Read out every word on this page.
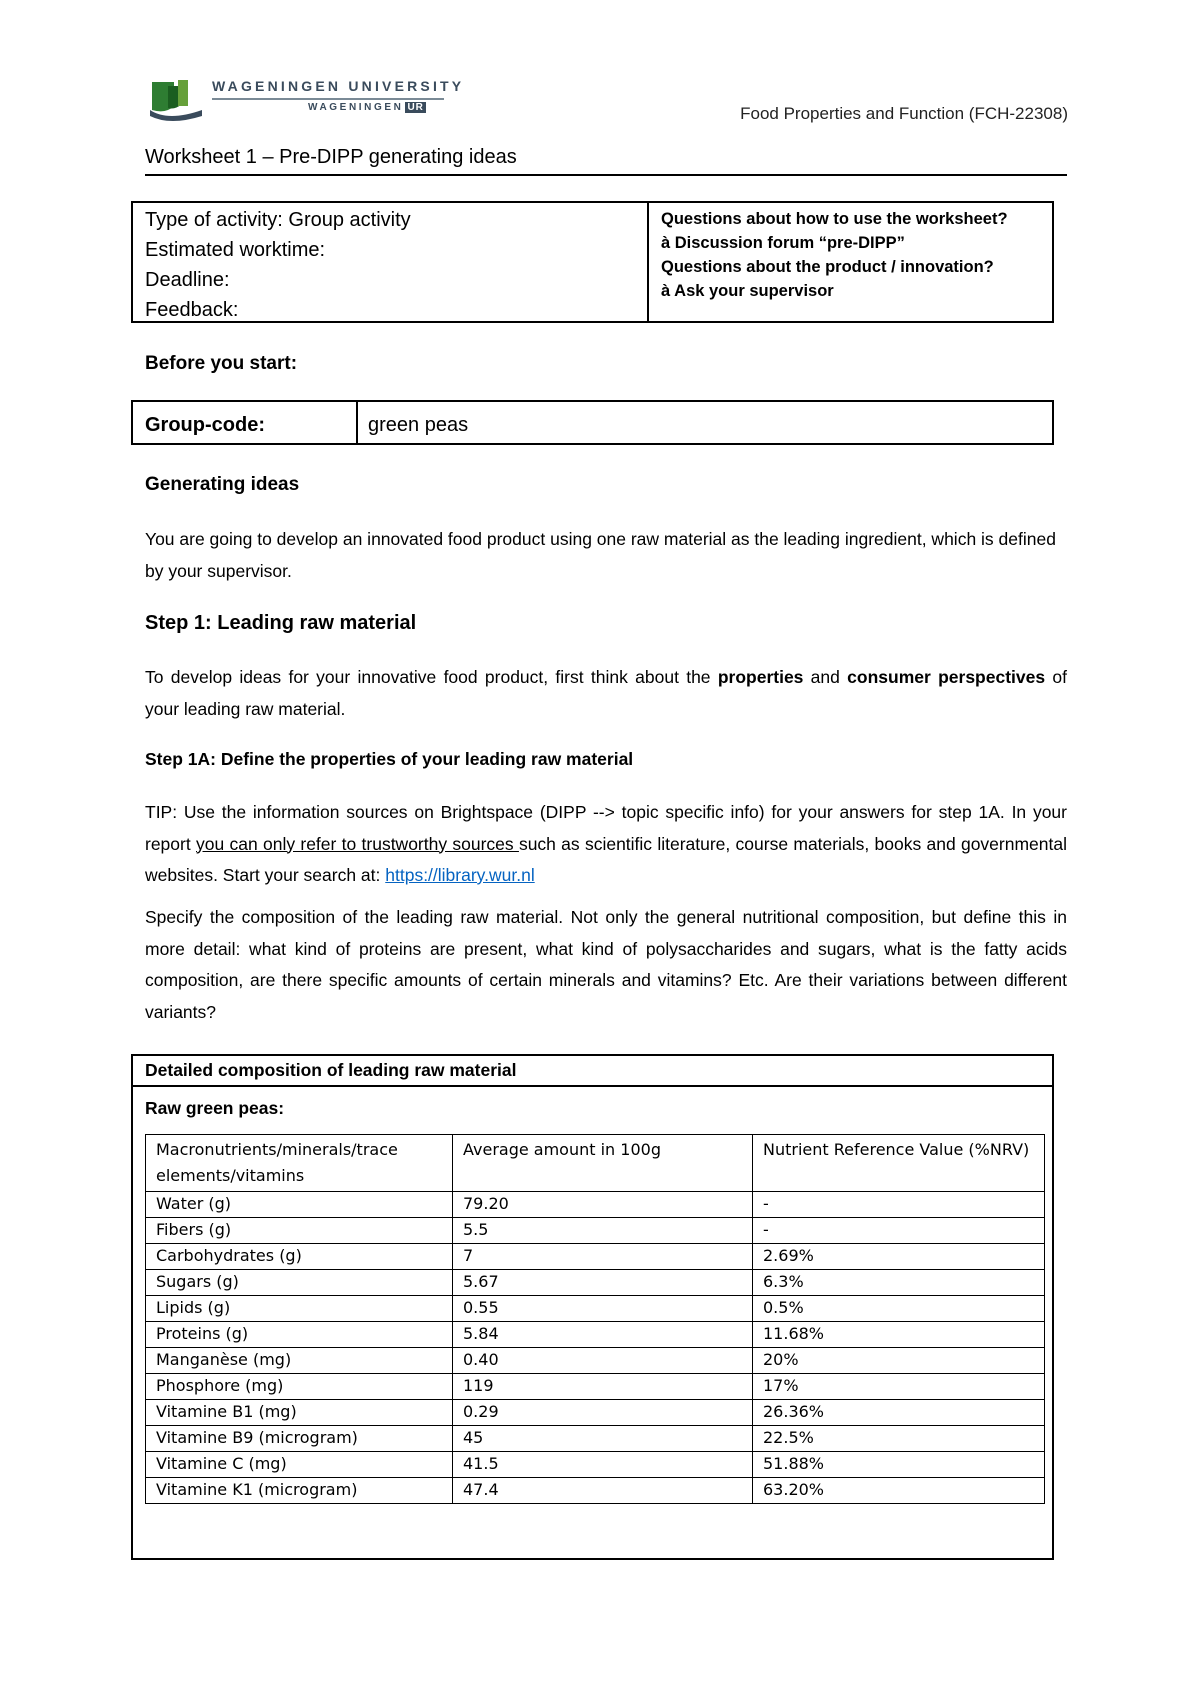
WAGENINGEN UNIVERSITY
WAGENINGEN UR	Food Properties and Function (FCH-22308)
Worksheet 1 – Pre-DIPP generating ideas
Type of activity: Group activity
Estimated worktime:
Deadline:
Feedback:
Questions about how to use the worksheet?
à Discussion forum “pre-DIPP”
Questions about the product / innovation?
à Ask your supervisor
Before you start:
Group-code:	green peas
Generating ideas
You are going to develop an innovated food product using one raw material as the leading ingredient, which is defined by your supervisor.
Step 1: Leading raw material
To develop ideas for your innovative food product, first think about the properties and consumer perspectives of your leading raw material.
Step 1A: Define the properties of your leading raw material
TIP: Use the information sources on Brightspace (DIPP --> topic specific info) for your answers for step 1A. In your report you can only refer to trustworthy sources such as scientific literature, course materials, books and governmental websites. Start your search at: https://library.wur.nl
Specify the composition of the leading raw material. Not only the general nutritional composition, but define this in more detail: what kind of proteins are present, what kind of polysaccharides and sugars, what is the fatty acids composition, are there specific amounts of certain minerals and vitamins? Etc. Are their variations between different variants?
Detailed composition of leading raw material
Raw green peas:
Macronutrients/minerals/trace elements/vitamins	Average amount in 100g	Nutrient Reference Value (%NRV)
Water (g)	79.20	-
Fibers (g)	5.5	-
Carbohydrates (g)	7	2.69%
Sugars (g)	5.67	6.3%
Lipids (g)	0.55	0.5%
Proteins (g)	5.84	11.68%
Manganèse (mg)	0.40	20%
Phosphore (mg)	119	17%
Vitamine B1 (mg)	0.29	26.36%
Vitamine B9 (microgram)	45	22.5%
Vitamine C (mg)	41.5	51.88%
Vitamine K1 (microgram)	47.4	63.20%
